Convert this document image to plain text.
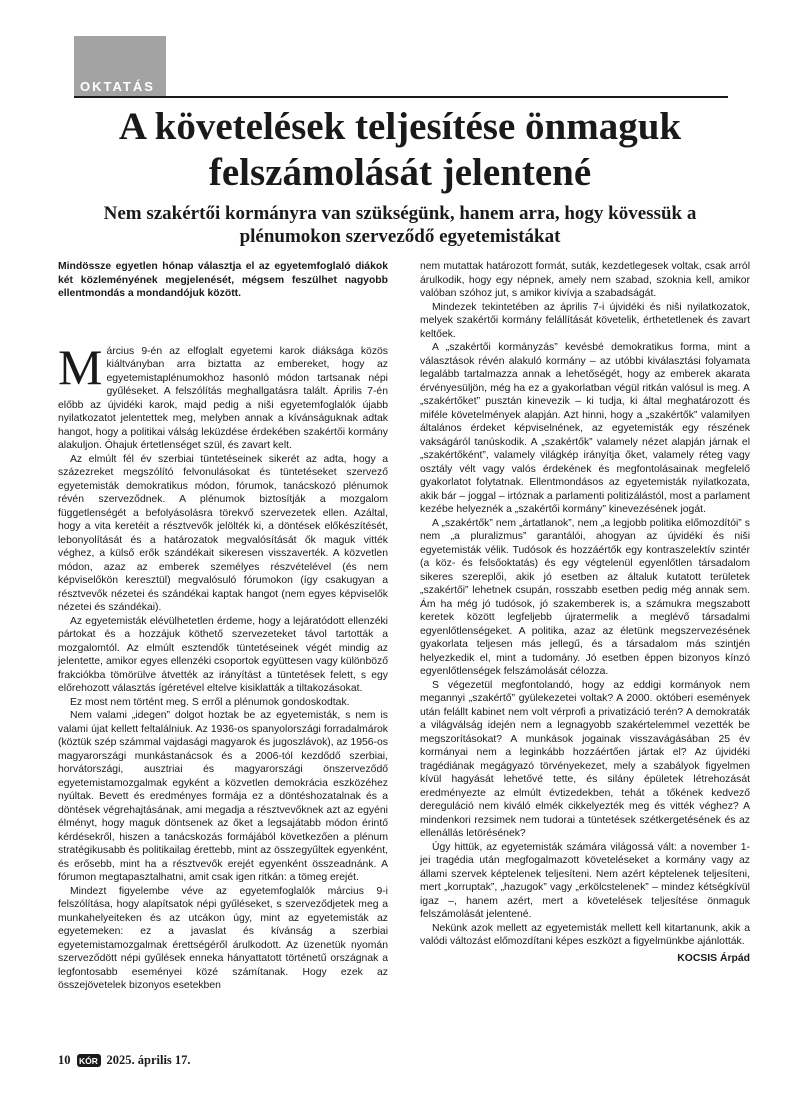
OKTATÁS
A követelések teljesítése önmaguk felszámolását jelentené
Nem szakértői kormányra van szükségünk, hanem arra, hogy kövessük a plénumokon szerveződő egyetemistákat

Mindössze egyetlen hónap választja el az egyetemfoglaló diákok két közleményének megjelenését, mégsem feszülhet nagyobb ellentmondás a mondandójuk között.

Március 9-én az elfoglalt egyetemi karok diáksága közös kiáltványban arra biztatta az embereket, hogy az egyetemistaplénumokhoz hasonló módon tartsanak népi gyűléseket. A felszólítás meghallgatásra talált. Április 7-én előbb az újvidéki karok, majd pedig a niši egyetemfoglalók újabb nyilatkozatot jelentettek meg, melyben annak a kívánságuknak adtak hangot, hogy a politikai válság leküzdése érdekében szakértői kormány alakuljon. Óhajuk értetlenséget szül, és zavart kelt.

Az elmúlt fél év szerbiai tüntetéseinek sikerét az adta, hogy a százezreket megszólító felvonulásokat és tüntetéseket szervező egyetemisták demokratikus módon, fórumok, tanácskozó plénumok révén szerveződnek. A plénumok biztosítják a mozgalom függetlenségét a befolyásolásra törekvő szervezetek ellen. Azáltal, hogy a vita keretéit a résztvevők jelölték ki, a döntések előkészítését, lebonyolítását és a határozatok megvalósítását ők maguk vitték véghez, a külső erők szándékait sikeresen visszaverték. A közvetlen módon, azaz az emberek személyes részvételével (és nem képviselőkön keresztül) megvalósuló fórumokon (így csakugyan a résztvevők nézetei és szándékai kaptak hangot (nem egyes képviselők nézetei és szándékai).

Az egyetemisták elévülhetetlen érdeme, hogy a lejáratódott ellenzéki pártokat és a hozzájuk köthető szervezeteket távol tartották a mozgalomtól. Az elmúlt esztendők tüntetéseinek végét mindig az jelentette, amikor egyes ellenzéki csoportok együttesen vagy különböző frakciókba tömörülve átvették az irányítást a tüntetések felett, s egy előrehozott választás ígéretével eltelve kisiklatták a tiltakozásokat.

Ez most nem történt meg. S erről a plénumok gondoskodtak.

Nem valami „idegen” dolgot hoztak be az egyetemisták, s nem is valami újat kellett feltalálniuk. Az 1936-os spanyolországi forradalmárok (köztük szép számmal vajdasági magyarok és jugoszlávok), az 1956-os magyarországi munkástanácsok és a 2006-tól kezdődő szerbiai, horvátországi, ausztriai és magyarországi önszerveződő egyetemistamozgalmak egyként a közvetlen demokrácia eszközéhez nyúltak. Bevett és eredményes formája ez a döntéshozatalnak és a döntések végrehajtásának, ami megadja a résztvevőknek azt az egyéni élményt, hogy maguk döntsenek az őket a legsajátabb módon érintő kérdésekről, hiszen a tanácskozás formájából következően a plénum stratégikusabb és politikailag érettebb, mint az összegyűltek egyenként, és erősebb, mint ha a résztvevők erejét egyenként összeadnánk. A fórumon megtapasztalhatni, amit csak igen ritkán: a tömeg erejét.

Mindezt figyelembe véve az egyetemfoglalók március 9-i felszólítása, hogy alapítsatok népi gyűléseket, s szerveződjetek meg a munkahelyeiteken és az utcákon úgy, mint az egyetemisták az egyetemeken: ez a javaslat és kívánság a szerbiai egyetemistamozgalmak érettségéről árulkodott. Az üzenetük nyomán szerveződött népi gyűlések enneka hányattatott történetű országnak a legfontosabb eseményei közé számítanak. Hogy ezek az összejövetelek bizonyos esetekben

nem mutattak határozott formát, suták, kezdetlegesek voltak, csak arról árulkodik, hogy egy népnek, amely nem szabad, szoknia kell, amikor valóban szóhoz jut, s amikor kivívja a szabadságát.

Mindezek tekintetében az április 7-i újvidéki és niši nyilatkozatok, melyek szakértői kormány felállítását követelik, érthetetlenek és zavart keltőek.

A „szakértői kormányzás” kevésbé demokratikus forma, mint a választások révén alakuló kormány – az utóbbi kiválasztási folyamata legalább tartalmazza annak a lehetőségét, hogy az emberek akarata érvényesüljön, még ha ez a gyakorlatban végül ritkán valósul is meg. A „szakértőket” pusztán kinevezik – ki tudja, ki által meghatározott és miféle követelmények alapján. Azt hinni, hogy a „szakértők” valamilyen általános érdeket képviselnének, az egyetemisták egy részének vakságáról tanúskodik. A „szakértők” valamely nézet alapján járnak el „szakértőként”, valamely világkép irányítja őket, valamely réteg vagy osztály vélt vagy valós érdekének és megfontolásainak megfelelő gyakorlatot folytatnak. Ellentmondásos az egyetemisták nyilatkozata, akik bár – joggal – irtóznak a parlamenti politizálástól, most a parlament kezébe helyeznék a „szakértői kormány” kinevezésének jogát.

A „szakértők” nem „ártatlanok”, nem „a legjobb politika előmozdítói” s nem „a pluralizmus” garantálói, ahogyan az újvidéki és niši egyetemisták vélik. Tudósok és hozzáértők egy kontraszelektív szintér (a köz- és felsőoktatás) és egy végtelenül egyenlőtlen társadalom sikeres szereplői, akik jó esetben az általuk kutatott területek „szakértői” lehetnek csupán, rosszabb esetben pedig még annak sem. Ám ha még jó tudósok, jó szakemberek is, a számukra megszabott keretek között legfeljebb újratermelik a meglévő társadalmi egyenlőtlenségeket. A politika, azaz az életünk megszervezésének gyakorlata teljesen más jellegű, és a társadalom más szintjén helyezkedik el, mint a tudomány. Jó esetben éppen bizonyos kínzó egyenlőtlenségek felszámolását célozza.

S végezetül megfontolandó, hogy az eddigi kormányok nem megannyi „szakértő” gyülekezetei voltak? A 2000. októberi események után felállt kabinet nem volt vérprofi a privatizáció terén? A demokraták a világválság idején nem a legnagyobb szakértelemmel vezették be megszorításokat? A munkások jogainak visszavágásában 25 év kormányai nem a leginkább hozzáértően jártak el? Az újvidéki tragédiának megágyazó törvényekezet, mely a szabályok figyelmen kívül hagyását lehetővé tette, és silány épületek létrehozását eredményezte az elmúlt évtizedekben, tehát a tőkének kedvező dereguláció nem kiváló elmék cikkelyezték meg és vitték véghez? A mindenkori rezsimek nem tudorai a tüntetések szétkergetésének és az ellenállás letörésének?

Úgy hittük, az egyetemisták számára világossá vált: a november 1-jei tragédia után megfogalmazott követeléseket a kormány vagy az állami szervek képtelenek teljesíteni. Nem azért képtelenek teljesíteni, mert „korruptak”, „hazugok” vagy „erkölcstelenek” – mindez kétségkívül igaz –, hanem azért, mert a követelések teljesítése önmaguk felszámolását jelentené.

Nekünk azok mellett az egyetemisták mellett kell kitartanunk, akik a valódi változást előmozdítani képes eszközt a figyelmünkbe ajánlották.

KOCSIS Árpád
10 KÓR 2025. április 17.
